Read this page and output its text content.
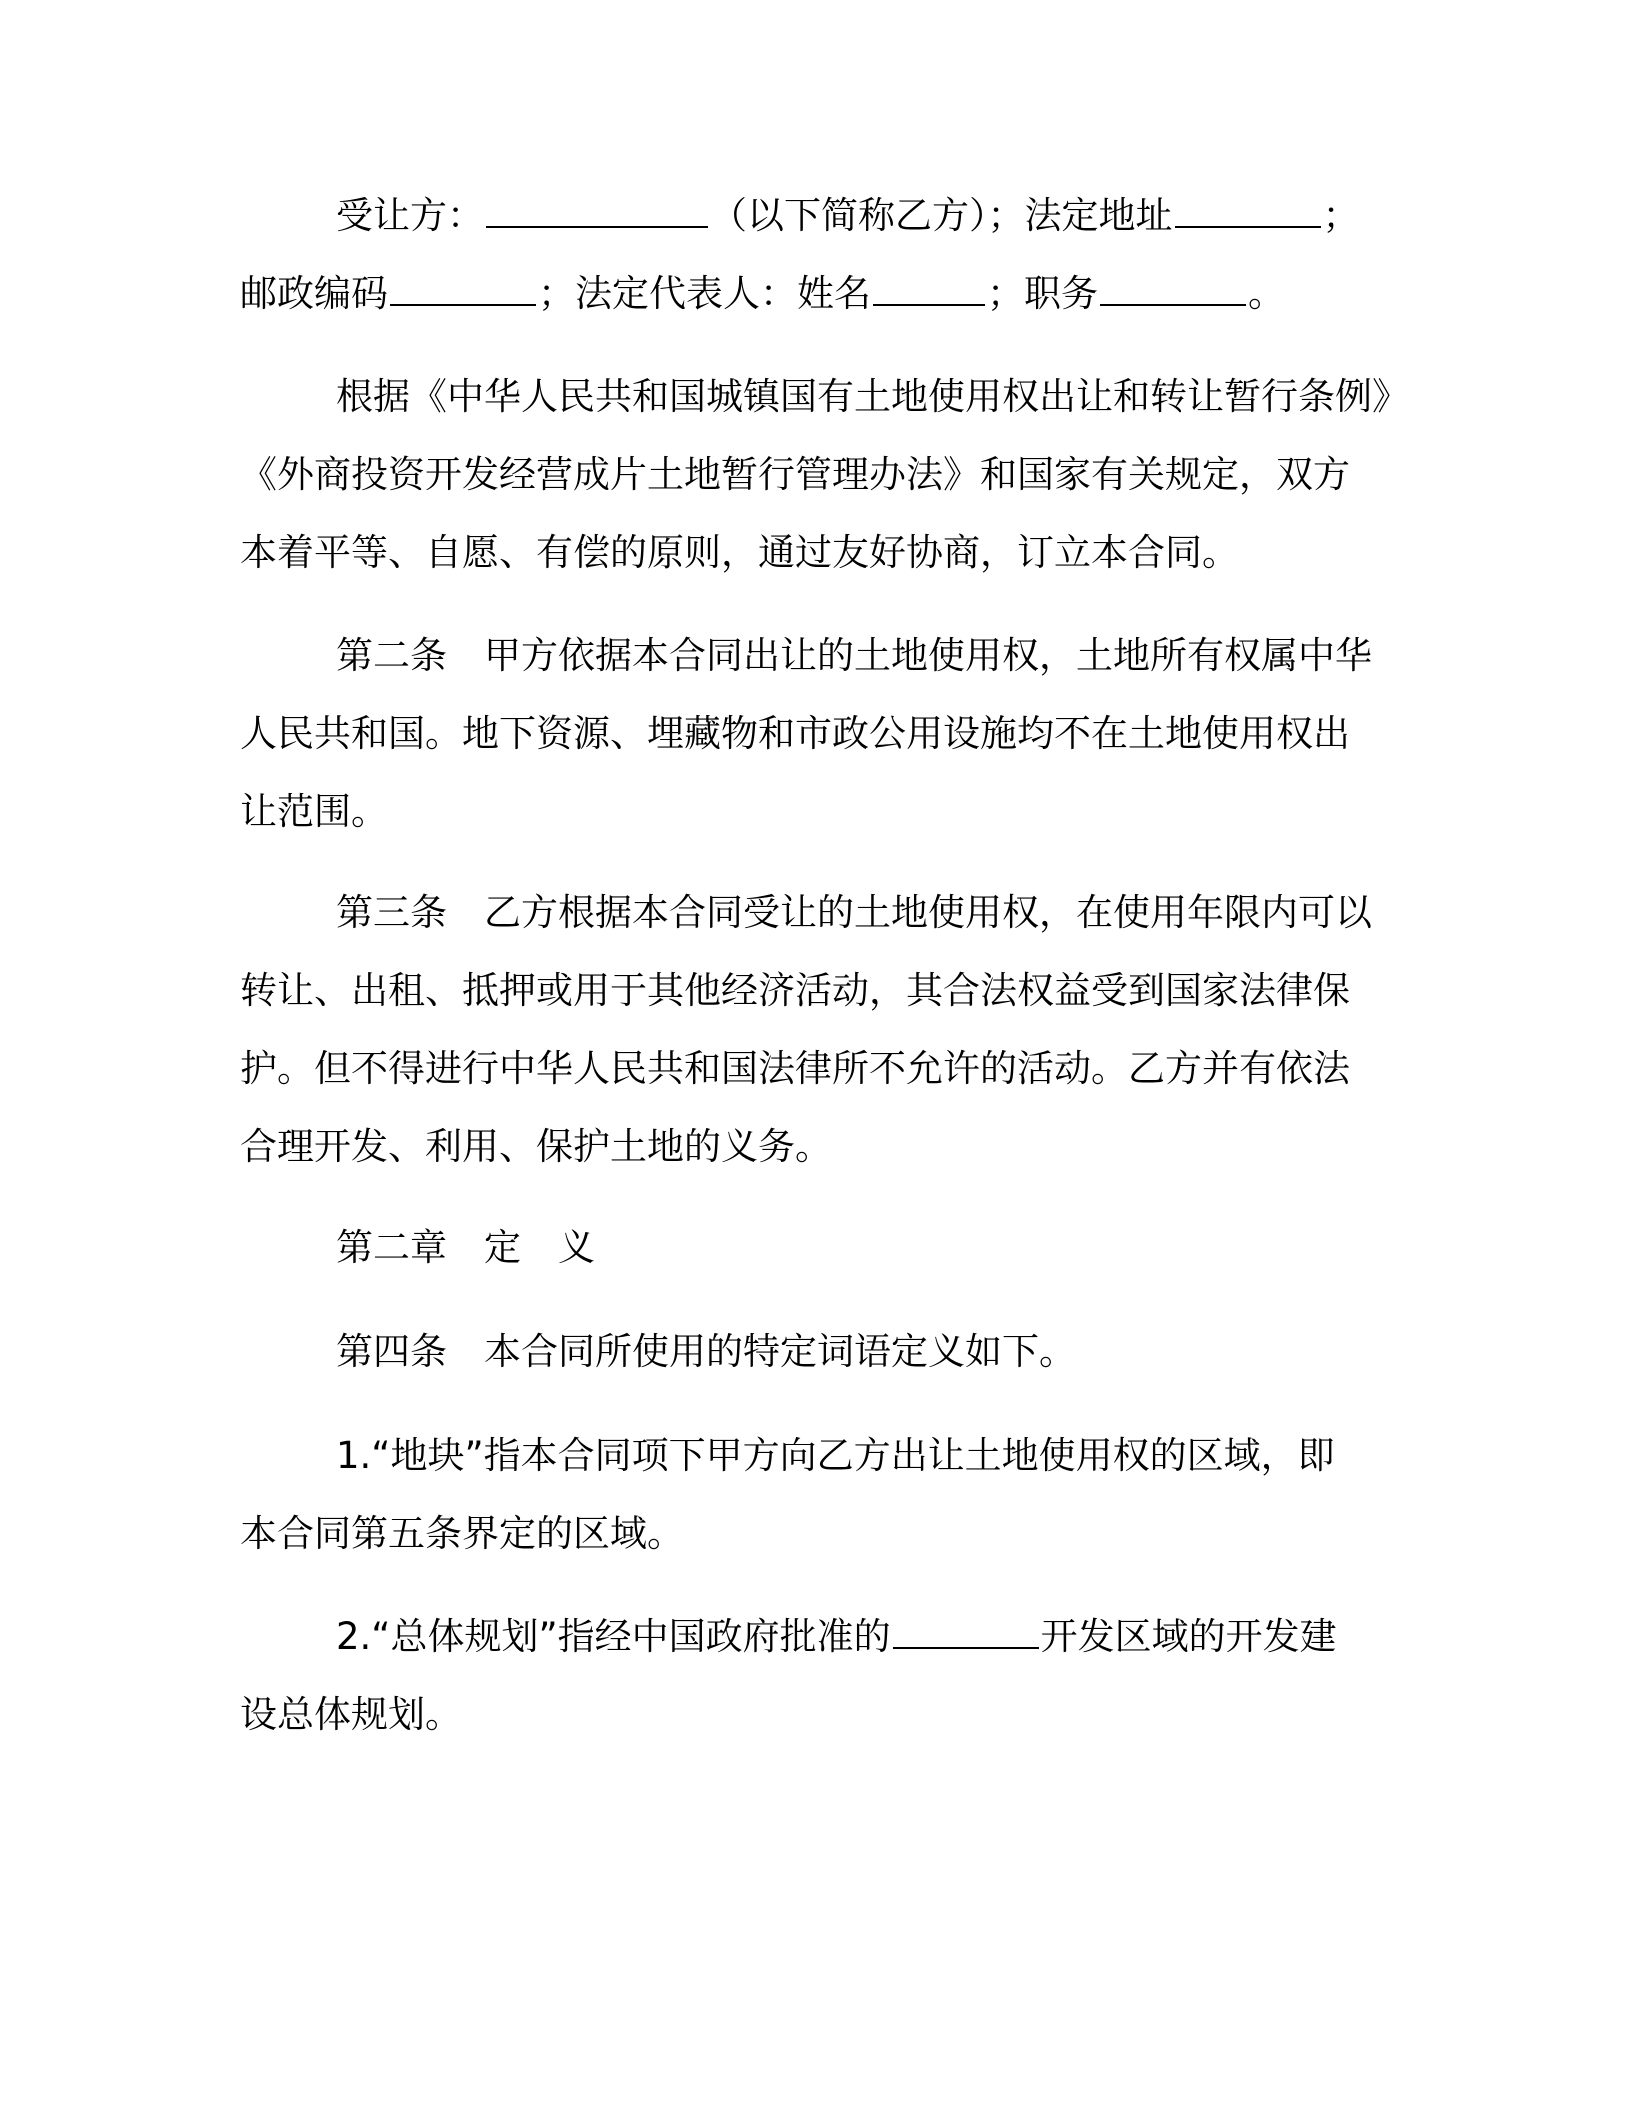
受让方：	（以下简称乙方）；法定地址	；
邮政编码	；法定代表人：姓名	；职务	。
根据《中华人民共和国城镇国有土地使用权出让和转让暂行条例》
《外商投资开发经营成片土地暂行管理办法》和国家有关规定，双方
本着平等、自愿、有偿的原则，通过友好协商，订立本合同。
第二条　甲方依据本合同出让的土地使用权，土地所有权属中华
人民共和国。地下资源、埋藏物和市政公用设施均不在土地使用权出
让范围。
第三条　乙方根据本合同受让的土地使用权，在使用年限内可以
转让、出租、抵押或用于其他经济活动，其合法权益受到国家法律保
护。但不得进行中华人民共和国法律所不允许的活动。乙方并有依法
合理开发、利用、保护土地的义务。
第二章　定　义
第四条　本合同所使用的特定词语定义如下。
1.“地块”指本合同项下甲方向乙方出让土地使用权的区域，即
本合同第五条界定的区域。
2.“总体规划”指经中国政府批准的	开发区域的开发建
设总体规划。
